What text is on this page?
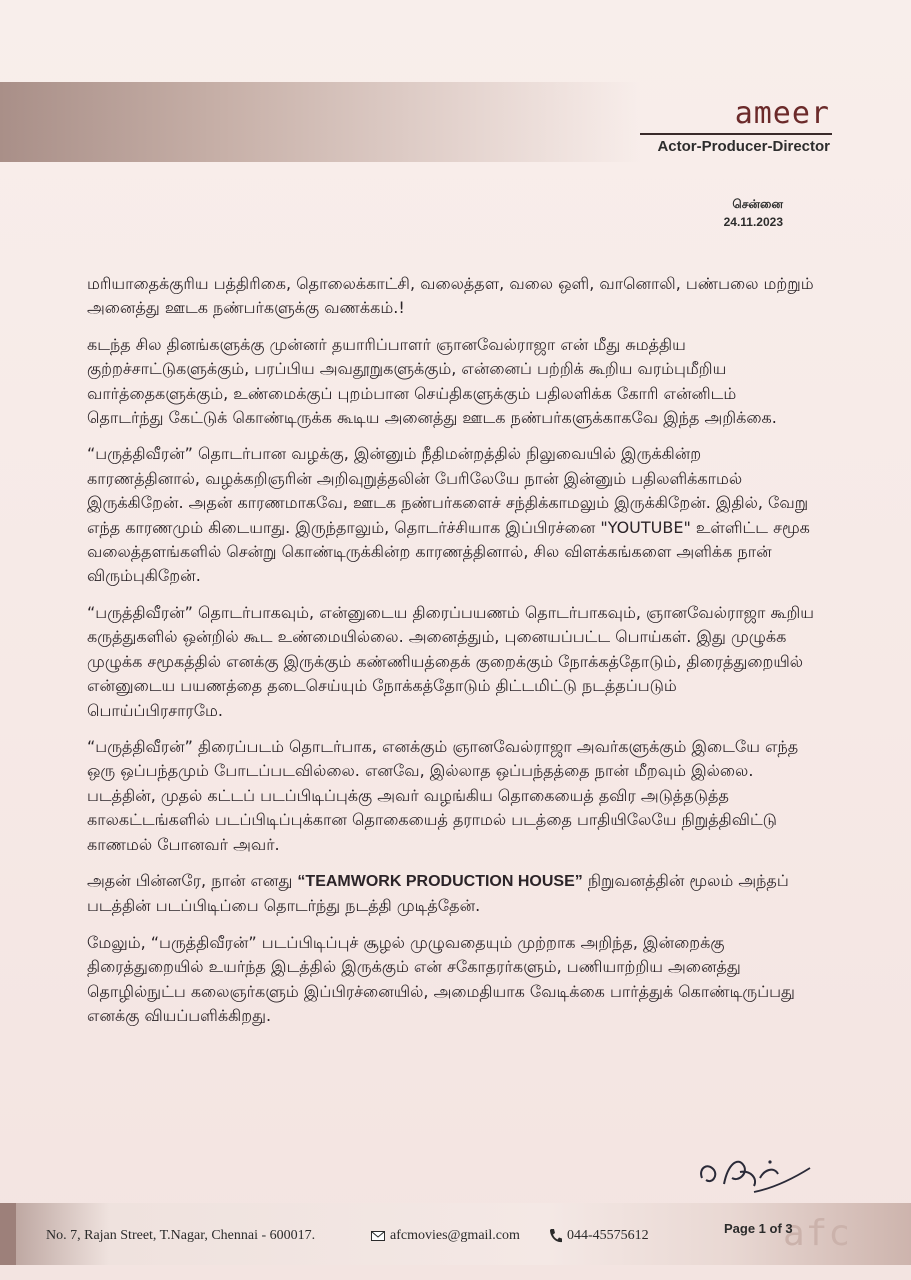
ameer
Actor-Producer-Director
சென்னை
24.11.2023

மரியாதைக்குரிய பத்திரிகை, தொலைக்காட்சி, வலைத்தள, வலை ஒளி, வானொலி, பண்பலை மற்றும் அனைத்து ஊடக நண்பர்களுக்கு வணக்கம்.!

கடந்த சில தினங்களுக்கு முன்னர் தயாரிப்பாளர் ஞானவேல்ராஜா என் மீது சுமத்திய குற்றச்சாட்டுகளுக்கும், பரப்பிய அவதூறுகளுக்கும், என்னைப் பற்றிக் கூறிய வரம்புமீறிய வார்த்தைகளுக்கும், உண்மைக்குப் புறம்பான செய்திகளுக்கும் பதிலளிக்க கோரி என்னிடம் தொடர்ந்து கேட்டுக் கொண்டிருக்க கூடிய அனைத்து ஊடக நண்பர்களுக்காகவே இந்த அறிக்கை.

“பருத்திவீரன்” தொடர்பான வழக்கு, இன்னும் நீதிமன்றத்தில் நிலுவையில் இருக்கின்ற காரணத்தினால், வழக்கறிஞரின் அறிவுறுத்தலின் பேரிலேயே நான் இன்னும் பதிலளிக்காமல் இருக்கிறேன். அதன் காரணமாகவே, ஊடக நண்பர்களைச் சந்திக்காமலும் இருக்கிறேன். இதில், வேறு எந்த காரணமும் கிடையாது. இருந்தாலும், தொடர்ச்சியாக இப்பிரச்னை "YOUTUBE" உள்ளிட்ட சமூக வலைத்தளங்களில் சென்று கொண்டிருக்கின்ற காரணத்தினால், சில விளக்கங்களை அளிக்க நான் விரும்புகிறேன்.

“பருத்திவீரன்” தொடர்பாகவும், என்னுடைய திரைப்பயணம் தொடர்பாகவும், ஞானவேல்ராஜா கூறிய கருத்துகளில் ஒன்றில் கூட உண்மையில்லை. அனைத்தும், புனையப்பட்ட பொய்கள். இது முழுக்க முழுக்க சமூகத்தில் எனக்கு இருக்கும் கண்ணியத்தைக் குறைக்கும் நோக்கத்தோடும், திரைத்துறையில் என்னுடைய பயணத்தை தடைசெய்யும் நோக்கத்தோடும் திட்டமிட்டு நடத்தப்படும் பொய்ப்பிரசாரமே.

“பருத்திவீரன்” திரைப்படம் தொடர்பாக, எனக்கும் ஞானவேல்ராஜா அவர்களுக்கும் இடையே எந்த ஒரு ஒப்பந்தமும் போடப்படவில்லை. எனவே, இல்லாத ஒப்பந்தத்தை நான் மீறவும் இல்லை. படத்தின், முதல் கட்டப் படப்பிடிப்புக்கு அவர் வழங்கிய தொகையைத் தவிர அடுத்தடுத்த காலகட்டங்களில் படப்பிடிப்புக்கான தொகையைத் தராமல் படத்தை பாதியிலேயே நிறுத்திவிட்டு காணமல் போனவர் அவர்.

அதன் பின்னரே, நான் எனது “TEAMWORK PRODUCTION HOUSE” நிறுவனத்தின் மூலம் அந்தப் படத்தின் படப்பிடிப்பை தொடர்ந்து நடத்தி முடித்தேன்.

மேலும், “பருத்திவீரன்” படப்பிடிப்புச் சூழல் முழுவதையும் முற்றாக அறிந்த, இன்றைக்கு திரைத்துறையில் உயர்ந்த இடத்தில் இருக்கும் என் சகோதரர்களும், பணியாற்றிய அனைத்து தொழில்நுட்ப கலைஞர்களும் இப்பிரச்னையில், அமைதியாக வேடிக்கை பார்த்துக் கொண்டிருப்பது எனக்கு வியப்பளிக்கிறது.

No. 7, Rajan Street, T.Nagar, Chennai - 600017.	afcmovies@gmail.com	044-45575612	Page 1 of 3
afc
